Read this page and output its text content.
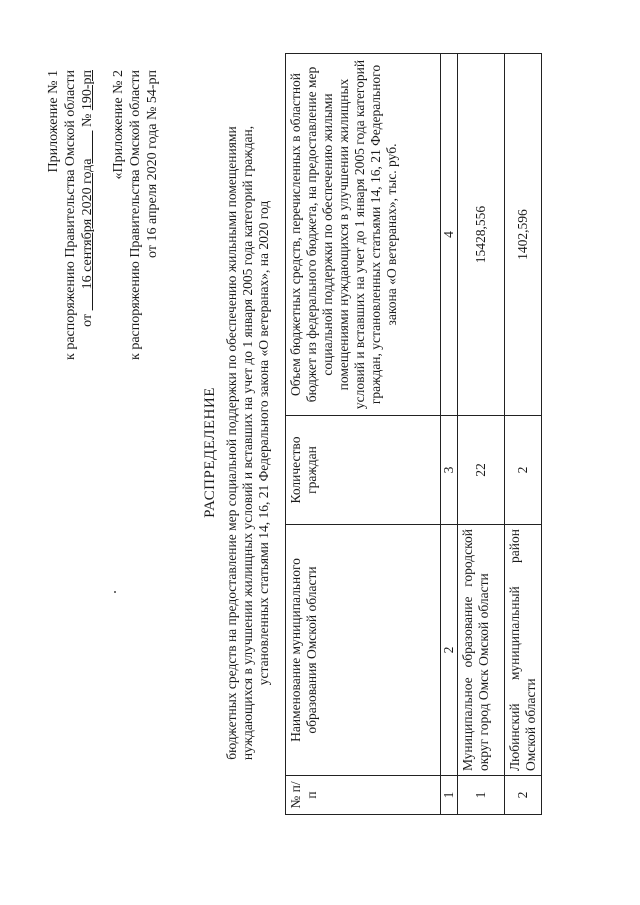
Приложение № 1 к распоряжению Правительства Омской области от       16 сентября 2020 года         № 190-рп «Приложение № 2 к распоряжению Правительства Омской области от 16 апреля 2020 года № 54-рп
РАСПРЕДЕЛЕНИЕ бюджетных средств на предоставление мер социальной поддержки по обеспечению жильными помещениями нуждающихся в улучшении жилищных условий и вставших на учет до 1 января 2005 года категорий граждан, установленных статьями 14, 16, 21 Федерального закона «О ветеранах», на 2020 год
№ п/п	Наименование муниципального образования Омской области	Количество граждан	Объем бюджетных средств, перечисленных в областной бюджет из федерального бюджета, на предоставление мер социальной поддержки по обеспечению жилыми помещениями нуждающихся в улучшении жилищных условий и вставших на учет до 1 января 2005 года категорий граждан, установленных статьями 14, 16, 21 Федерального закона «О ветеранах», тыс. руб.
1	2	3	4
1	Муниципальное образование городской округ город Омск Омской области	22	15428,556
2	Любинский муниципальный район Омской области	2	1402,596
